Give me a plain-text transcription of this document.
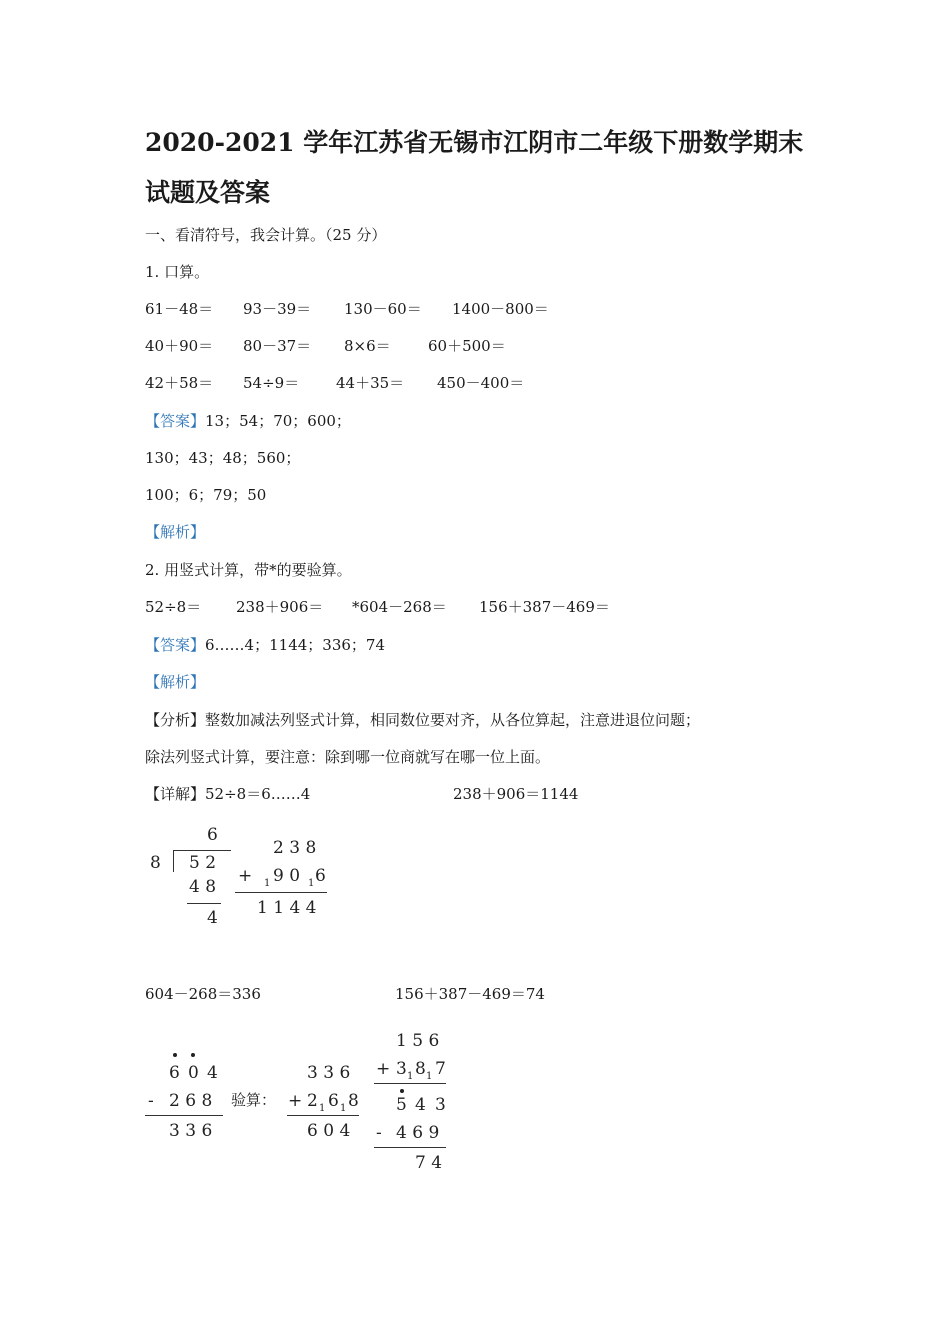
2020-2021 学年江苏省无锡市江阴市二年级下册数学期末试题及答案
一、看清符号，我会计算。（25 分）
1. 口算。
61－48＝ 93－39＝ 130－60＝ 1400－800＝
40＋90＝ 80－37＝ 8×6＝ 60＋500＝
42＋58＝ 54÷9＝ 44＋35＝ 450－400＝
【答案】13；54；70；600；
130；43；48；560；
100；6；79；50
【解析】
2. 用竖式计算，带*的要验算。
52÷8＝ 238＋906＝ *604－268＝ 156＋387－469＝
【答案】6……4；1144；336；74
【解析】
【分析】整数加减法列竖式计算，相同数位要对齐，从各位算起，注意进退位问题；
除法列竖式计算，要注意：除到哪一位商就写在哪一位上面。
【详解】52÷8＝6……4	238＋906＝1144
6
8 5 2
4 8
4
2 3 8
+ 1 9 0 1 6
1 1 4 4
604－268＝336	156＋387－469＝74
6 0 4
- 2 6 8
3 3 6
验算：
3 3 6
+ 2 1 6 1 8
6 0 4
1 5 6
+ 3 1 8 1 7
5 4 3
- 4 6 9
7 4
